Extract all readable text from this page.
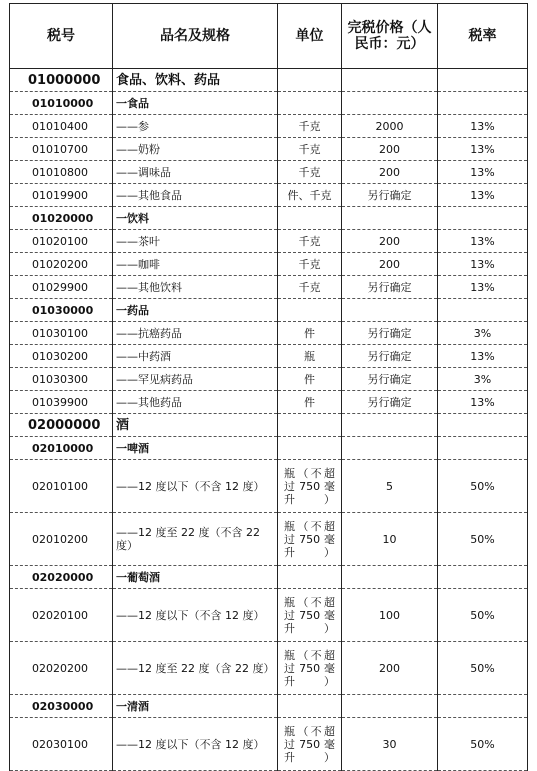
税号	品名及规格	单位	完税价格（人民币：元）	税率
01000000	食品、饮料、药品			
01010000	一食品			
01010400	——参	千克	2000	13%
01010700	——奶粉	千克	200	13%
01010800	——调味品	千克	200	13%
01019900	——其他食品	件、千克	另行确定	13%
01020000	一饮料			
01020100	——茶叶	千克	200	13%
01020200	——咖啡	千克	200	13%
01029900	——其他饮料	千克	另行确定	13%
01030000	一药品			
01030100	——抗癌药品	件	另行确定	3%
01030200	——中药酒	瓶	另行确定	13%
01030300	——罕见病药品	件	另行确定	3%
01039900	——其他药品	件	另行确定	13%
02000000	酒			
02010000	一啤酒			
02010100	——12 度以下（不含 12 度）	瓶（不超过 750 毫升）	5	50%
02010200	——12 度至 22 度（不含 22 度）	瓶（不超过 750 毫升）	10	50%
02020000	一葡萄酒			
02020100	——12 度以下（不含 12 度）	瓶（不超过 750 毫升）	100	50%
02020200	——12 度至 22 度（含 22 度）	瓶（不超过 750 毫升）	200	50%
02030000	一清酒			
02030100	——12 度以下（不含 12 度）	瓶（不超过 750 毫升）	30	50%
